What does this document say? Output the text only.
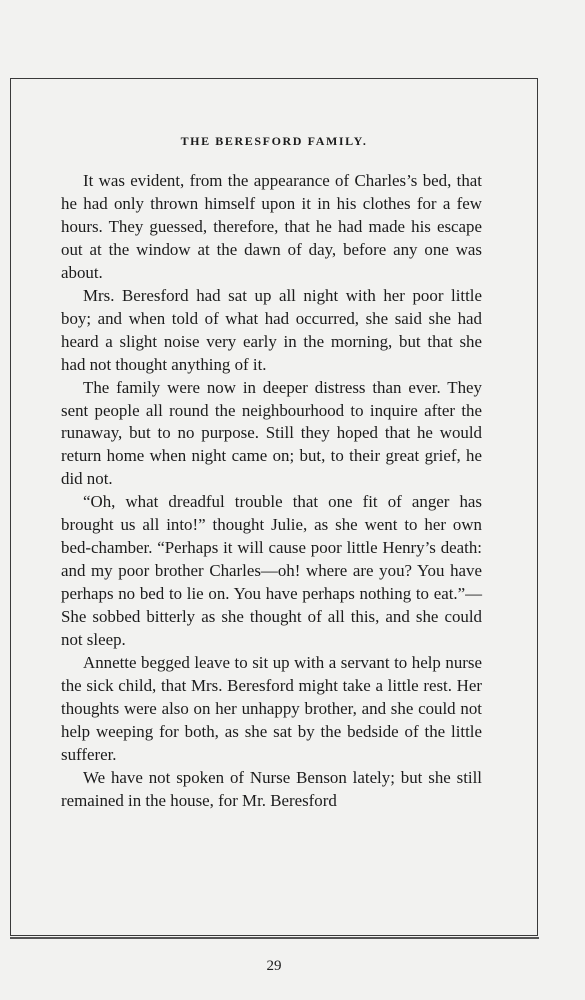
THE BERESFORD FAMILY.

It was evident, from the appearance of Charles’s bed, that he had only thrown himself upon it in his clothes for a few hours. They guessed, therefore, that he had made his escape out at the window at the dawn of day, before any one was about.

Mrs. Beresford had sat up all night with her poor little boy; and when told of what had occurred, she said she had heard a slight noise very early in the morning, but that she had not thought anything of it.

The family were now in deeper distress than ever. They sent people all round the neighbourhood to inquire after the runaway, but to no purpose. Still they hoped that he would return home when night came on; but, to their great grief, he did not.

“Oh, what dreadful trouble that one fit of anger has brought us all into!” thought Julie, as she went to her own bed-chamber. “Perhaps it will cause poor little Henry’s death: and my poor brother Charles—oh! where are you? You have perhaps no bed to lie on. You have perhaps nothing to eat.”—She sobbed bitterly as she thought of all this, and she could not sleep.

Annette begged leave to sit up with a servant to help nurse the sick child, that Mrs. Beresford might take a little rest. Her thoughts were also on her unhappy brother, and she could not help weeping for both, as she sat by the bedside of the little sufferer.

We have not spoken of Nurse Benson lately; but she still remained in the house, for Mr. Beresford

29
